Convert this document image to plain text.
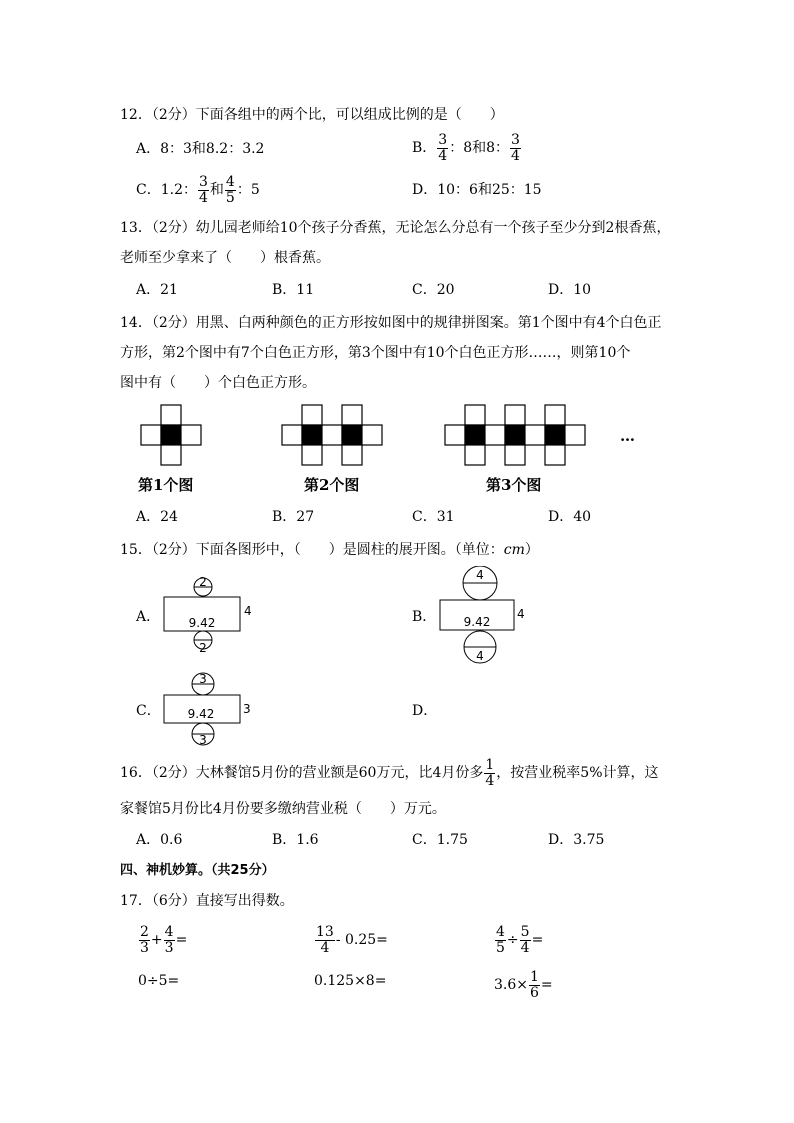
12．（2分）下面各组中的两个比，可以组成比例的是（　　）
A．8：3和8.2：3.2	B． $\frac{3}{4}$ ：8和8： $\frac{3}{4}$
C．1.2： $\frac{3}{4}$ 和 $\frac{4}{5}$ ：5	D．10：6和25：15
13．（2分）幼儿园老师给10个孩子分香蕉，无论怎么分总有一个孩子至少分到2根香蕉，
老师至少拿来了（　　）根香蕉。
A．21	B．11	C．20	D．10
14．（2分）用黑、白两种颜色的正方形按如图中的规律拼图案。第1个图中有4个白色正
方形，第2个图中有7个白色正方形，第3个图中有10个白色正方形……，则第10个
图中有（　　）个白色正方形。
…
第1个图	第2个图	第3个图
A．24	B．27	C．31	D．40
15．（2分）下面各图形中，（　　）是圆柱的展开图。（单位：cm）
A．
2
9.42
4
2
B．
4
9.42
4
4
C．
3
9.42 3
3
D．
16．（2分）大林餐馆5月份的营业额是60万元，比4月份多 $\frac{1}{4}$ ，按营业税率5%计算，这
家餐馆5月份比4月份要多缴纳营业税（　　）万元。
A．0.6	B．1.6	C．1.75	D．3.75
四、神机妙算。（共25分）
17．（6分）直接写出得数。
$\frac{2}{3} + \frac{4}{3}$ =	$\frac{13}{4} - 0.25=$	$\frac{4}{5} \div \frac{5}{4}$ =
0÷5=	0.125×8=	$3.6\times \frac{1}{6}$ =
